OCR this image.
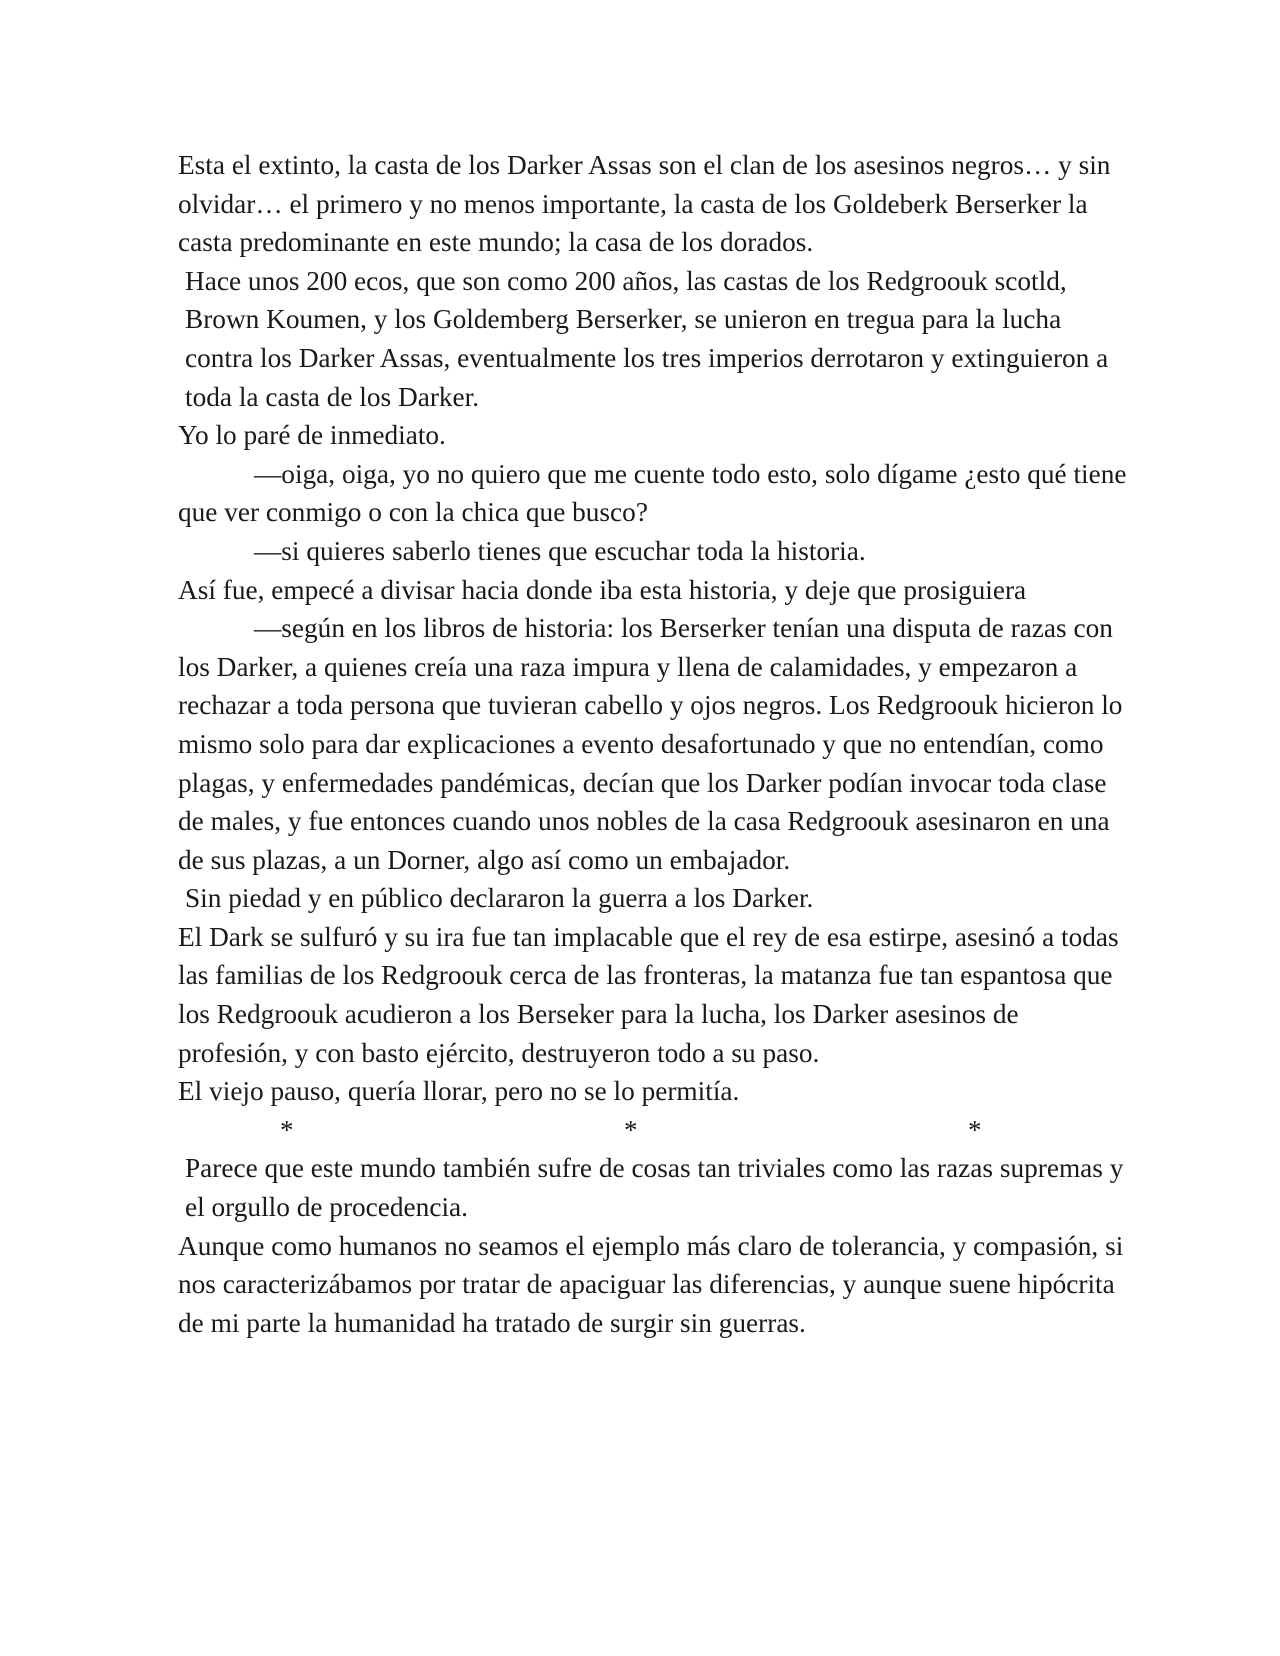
Esta el extinto, la casta de los Darker Assas son el clan de los asesinos negros… y sin olvidar… el primero y no menos importante, la casta de los Goldeberk Berserker la casta predominante en este mundo; la casa de los dorados.

Hace unos 200 ecos, que son como 200 años, las castas de los Redgroouk scotld, Brown Koumen, y los Goldemberg Berserker, se unieron en tregua para la lucha contra los Darker Assas, eventualmente los tres imperios derrotaron y extinguieron a toda la casta de los Darker.

Yo lo paré de inmediato.

—oiga, oiga, yo no quiero que me cuente todo esto, solo dígame ¿esto qué tiene que ver conmigo o con la chica que busco?

—si quieres saberlo tienes que escuchar toda la historia.

Así fue, empecé a divisar hacia donde iba esta historia, y deje que prosiguiera

—según en los libros de historia: los Berserker tenían una disputa de razas con los Darker, a quienes creía una raza impura y llena de calamidades, y empezaron a rechazar a toda persona que tuvieran cabello y ojos negros. Los Redgroouk hicieron lo mismo solo para dar explicaciones a evento desafortunado y que no entendían, como plagas, y enfermedades pandémicas, decían que los Darker podían invocar toda clase de males, y fue entonces cuando unos nobles de la casa Redgroouk asesinaron en una de sus plazas, a un Dorner, algo así como un embajador.

Sin piedad y en público declararon la guerra a los Darker.

El Dark se sulfuró y su ira fue tan implacable que el rey de esa estirpe, asesinó a todas las familias de los Redgroouk cerca de las fronteras, la matanza fue tan espantosa que los Redgroouk acudieron a los Berseker para la lucha, los Darker asesinos de profesión, y con basto ejército, destruyeron todo a su paso.

El viejo pauso, quería llorar, pero no se lo permitía.

*	*	*

Parece que este mundo también sufre de cosas tan triviales como las razas supremas y el orgullo de procedencia.

Aunque como humanos no seamos el ejemplo más claro de tolerancia, y compasión, si nos caracterizábamos por tratar de apaciguar las diferencias, y aunque suene hipócrita de mi parte la humanidad ha tratado de surgir sin guerras.
